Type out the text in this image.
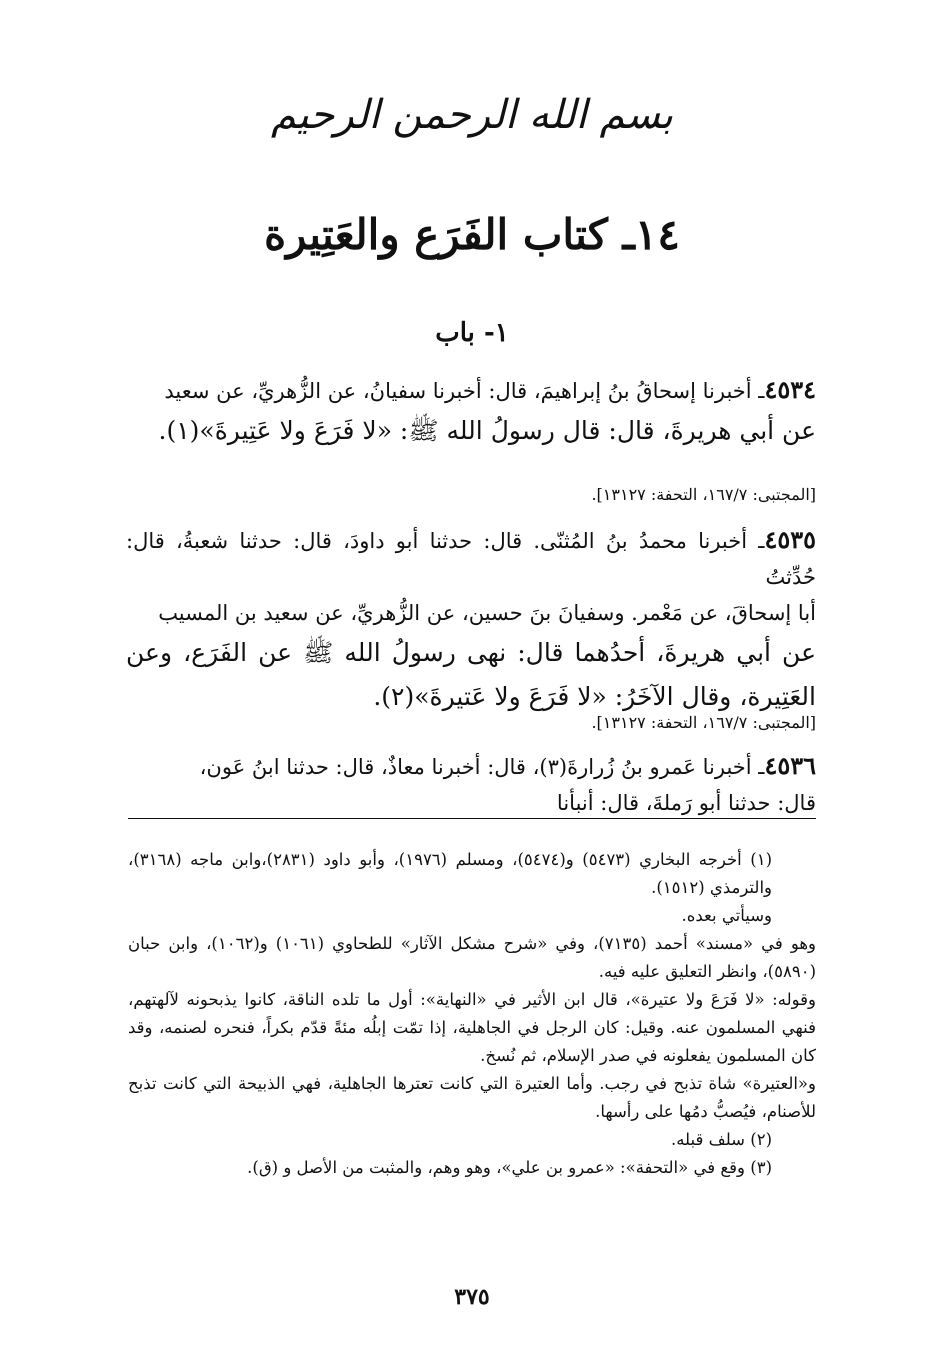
بسم الله الرحمن الرحيم
١٤ـ كتاب الفَرَع والعَتِيرة
١- باب
٤٥٣٤ـ أخبرنا إسحاقُ بنُ إبراهيمَ، قال: أخبرنا سفيانُ، عن الزُّهريِّ، عن سعيد
عن أبي هريرةَ، قال: قال رسولُ الله ﷺ: «لا فَرَعَ ولا عَتِيرةَ»(١).
[المجتبى: ١٦٧/٧، التحفة: ١٣١٢٧].
٤٥٣٥ـ أخبرنا محمدُ بنُ المُثنّى. قال: حدثنا أبو داودَ، قال: حدثنا شعبةُ، قال: حُدِّثتُ
أبا إسحاقَ، عن مَعْمر. وسفيانَ بنَ حسين، عن الزُّهريِّ، عن سعيد بن المسيب
عن أبي هريرةَ، أحدُهما قال: نهى رسولُ الله ﷺ عن الفَرَع، وعن العَتِيرة، وقال الآخَرُ: «لا فَرَعَ ولا عَتيرةَ»(٢).
[المجتبى: ١٦٧/٧، التحفة: ١٣١٢٧].
٤٥٣٦ـ أخبرنا عَمرو بنُ زُرارةَ(٣)، قال: أخبرنا معاذٌ، قال: حدثنا ابنُ عَون،
قال: حدثنا أبو رَملةَ، قال: أنبأنا

(١) أخرجه البخاري (٥٤٧٣) و(٥٤٧٤)، ومسلم (١٩٧٦)، وأبو داود (٢٨٣١)،وابن ماجه (٣١٦٨)، والترمذي (١٥١٢).

وسيأتي بعده.

وهو في «مسند» أحمد (٧١٣٥)، وفي «شرح مشكل الآثار» للطحاوي (١٠٦١) و(١٠٦٢)، وابن حبان (٥٨٩٠)، وانظر التعليق عليه فيه.

وقوله: «لا فَرَعَ ولا عتيرة»، قال ابن الأثير في «النهاية»: أول ما تلده الناقة، كانوا يذبحونه لآلهتهم، فنهي المسلمون عنه. وقيل: كان الرجل في الجاهلية، إذا تمّت إبلُه مئةً قدّم بكراً، فنحره لصنمه، وقد كان المسلمون يفعلونه في صدر الإسلام، ثم نُسخ.

و«العتيرة» شاة تذبح في رجب. وأما العتيرة التي كانت تعترها الجاهلية، فهي الذبيحة التي كانت تذبح للأصنام، فيُصبُّ دمُها على رأسها.

(٢) سلف قبله.

(٣) وقع في «التحفة»: «عمرو بن علي»، وهو وهم، والمثبت من الأصل و (ق).

٣٧٥
